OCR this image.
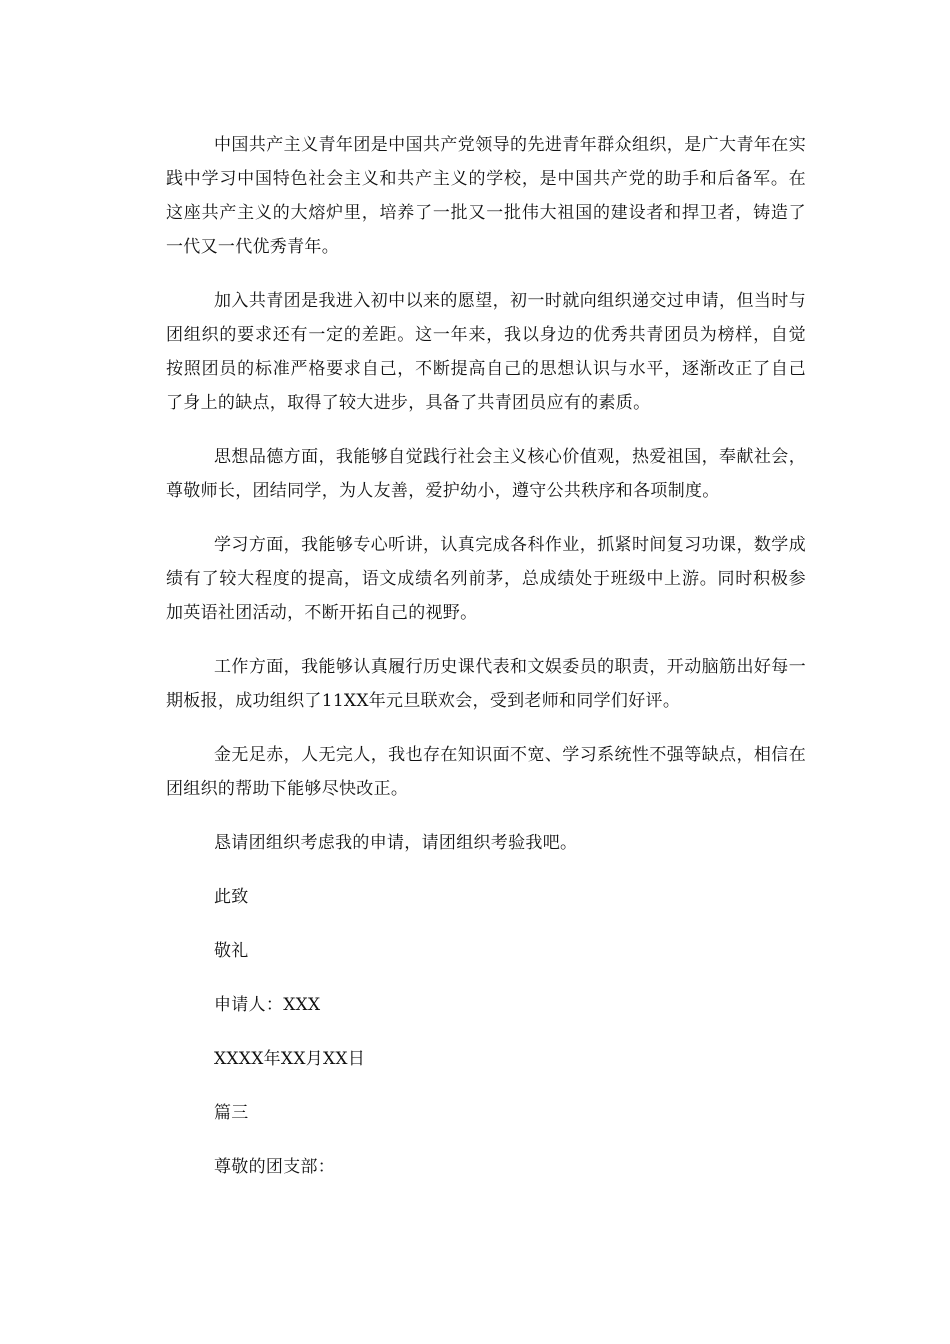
中国共产主义青年团是中国共产党领导的先进青年群众组织，是广大青年在实践中学习中国特色社会主义和共产主义的学校，是中国共产党的助手和后备军。在这座共产主义的大熔炉里，培养了一批又一批伟大祖国的建设者和捍卫者，铸造了一代又一代优秀青年。

加入共青团是我进入初中以来的愿望，初一时就向组织递交过申请，但当时与团组织的要求还有一定的差距。这一年来，我以身边的优秀共青团员为榜样，自觉按照团员的标准严格要求自己，不断提高自己的思想认识与水平，逐渐改正了自己了身上的缺点，取得了较大进步，具备了共青团员应有的素质。

思想品德方面，我能够自觉践行社会主义核心价值观，热爱祖国，奉献社会，尊敬师长，团结同学，为人友善，爱护幼小，遵守公共秩序和各项制度。

学习方面，我能够专心听讲，认真完成各科作业，抓紧时间复习功课，数学成绩有了较大程度的提高，语文成绩名列前茅，总成绩处于班级中上游。同时积极参加英语社团活动，不断开拓自己的视野。

工作方面，我能够认真履行历史课代表和文娱委员的职责，开动脑筋出好每一期板报，成功组织了11XX年元旦联欢会，受到老师和同学们好评。

金无足赤，人无完人，我也存在知识面不宽、学习系统性不强等缺点，相信在团组织的帮助下能够尽快改正。

恳请团组织考虑我的申请，请团组织考验我吧。

此致

敬礼

申请人：XXX

XXXX年XX月XX日

篇三

尊敬的团支部：
